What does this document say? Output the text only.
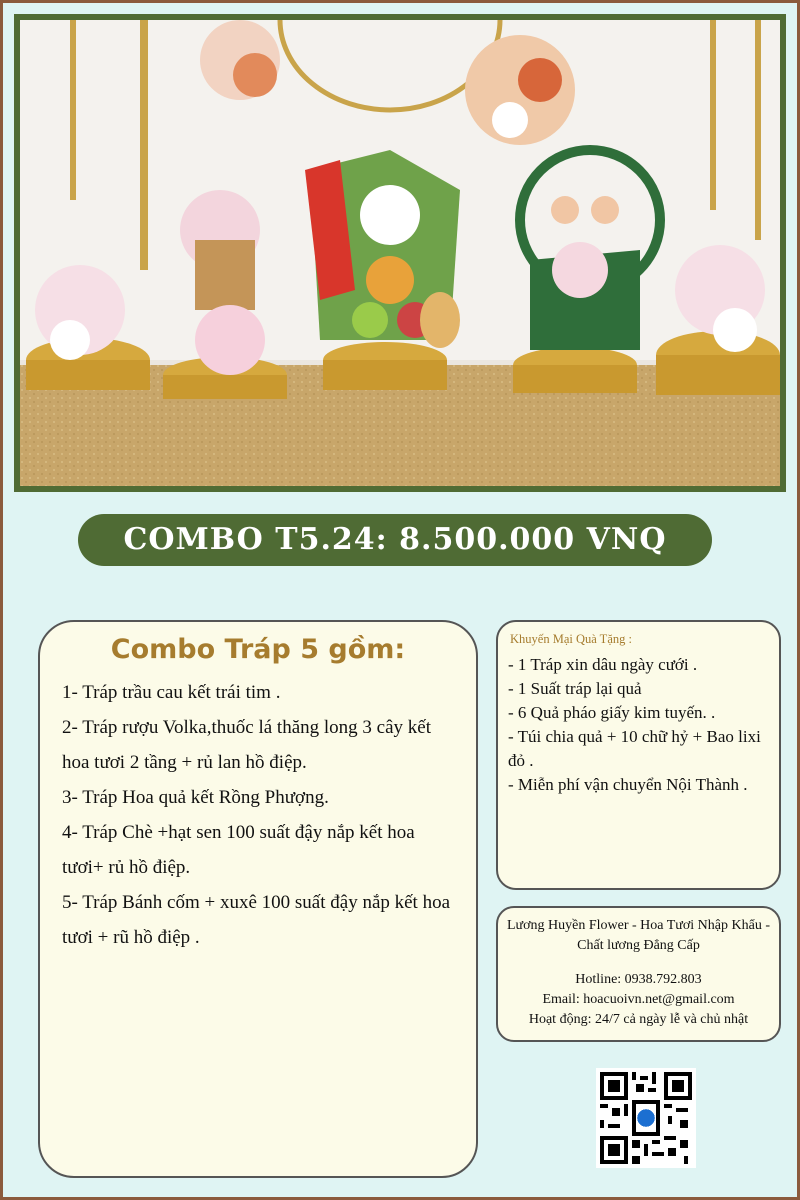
COMBO T5.24: 8.500.000 VNQ
Combo Tráp 5 gồm:
1- Tráp trầu cau kết trái tim .
2- Tráp rượu Volka,thuốc lá thăng long 3 cây kết hoa tươi 2 tầng + rủ lan hồ điệp.
3- Tráp Hoa quả kết Rồng Phượng.
4- Tráp Chè +hạt sen 100 suất đậy nắp kết hoa tươi+ rủ hồ điệp.
5- Tráp Bánh cốm + xuxê 100 suất đậy nắp kết hoa tươi + rũ hồ điệp .
Khuyến Mại Quà Tặng :
- 1 Tráp xin dâu ngày cưới .
- 1 Suất tráp lại quả
- 6 Quả pháo giấy kim tuyến. .
- Túi chia quả + 10 chữ hỷ + Bao lixi đỏ .
- Miễn phí vận chuyển Nội Thành .
Lương Huyền Flower - Hoa Tươi Nhập Khẩu - Chất lương Đẳng Cấp
Hotline: 0938.792.803
Email: hoacuoivn.net@gmail.com
Hoạt động: 24/7 cả ngày lễ và chủ nhật
